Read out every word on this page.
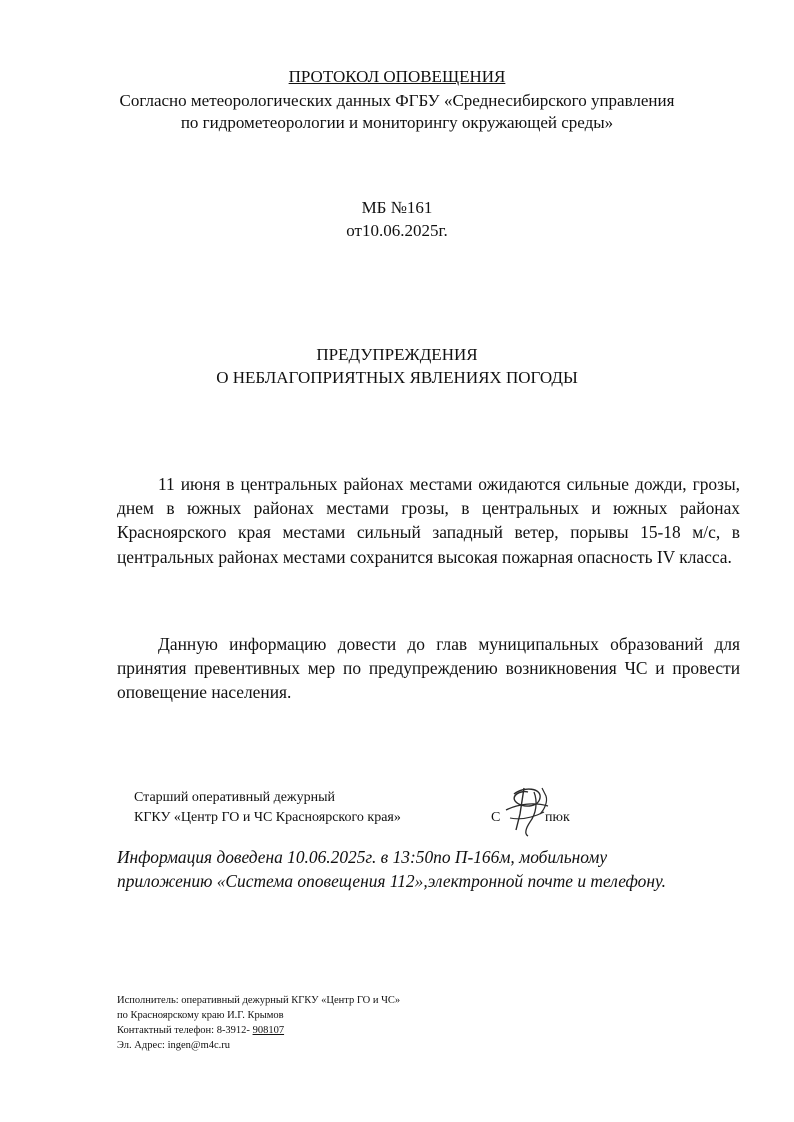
ПРОТОКОЛ ОПОВЕЩЕНИЯ
Согласно метеорологических данных ФГБУ «Среднесибирского управления
по гидрометеорологии и мониторингу окружающей среды»
МБ №161
от10.06.2025г.
ПРЕДУПРЕЖДЕНИЯ
О НЕБЛАГОПРИЯТНЫХ ЯВЛЕНИЯХ ПОГОДЫ

11 июня в центральных районах местами ожидаются сильные дожди, грозы, днем в южных районах местами грозы, в центральных и южных районах Красноярского края местами сильный западный ветер, порывы 15-18 м/с, в центральных районах местами сохранится высокая пожарная опасность IV класса.

Данную информацию довести до глав муниципальных образований для принятия превентивных мер по предупреждению возникновения ЧС и провести оповещение населения.

Старший оперативный дежурный
КГКУ «Центр ГО и ЧС Красноярского края»	С	пюк
Информация доведена 10.06.2025г. в 13:50по П-166м, мобильному
приложению «Система оповещения 112»,электронной почте и телефону.
Исполнитель: оперативный дежурный КГКУ «Центр ГО и ЧС»
по Красноярскому краю И.Г. Крымов
Контактный телефон: 8-3912- 908107
Эл. Адрес: ingen@m4c.ru
